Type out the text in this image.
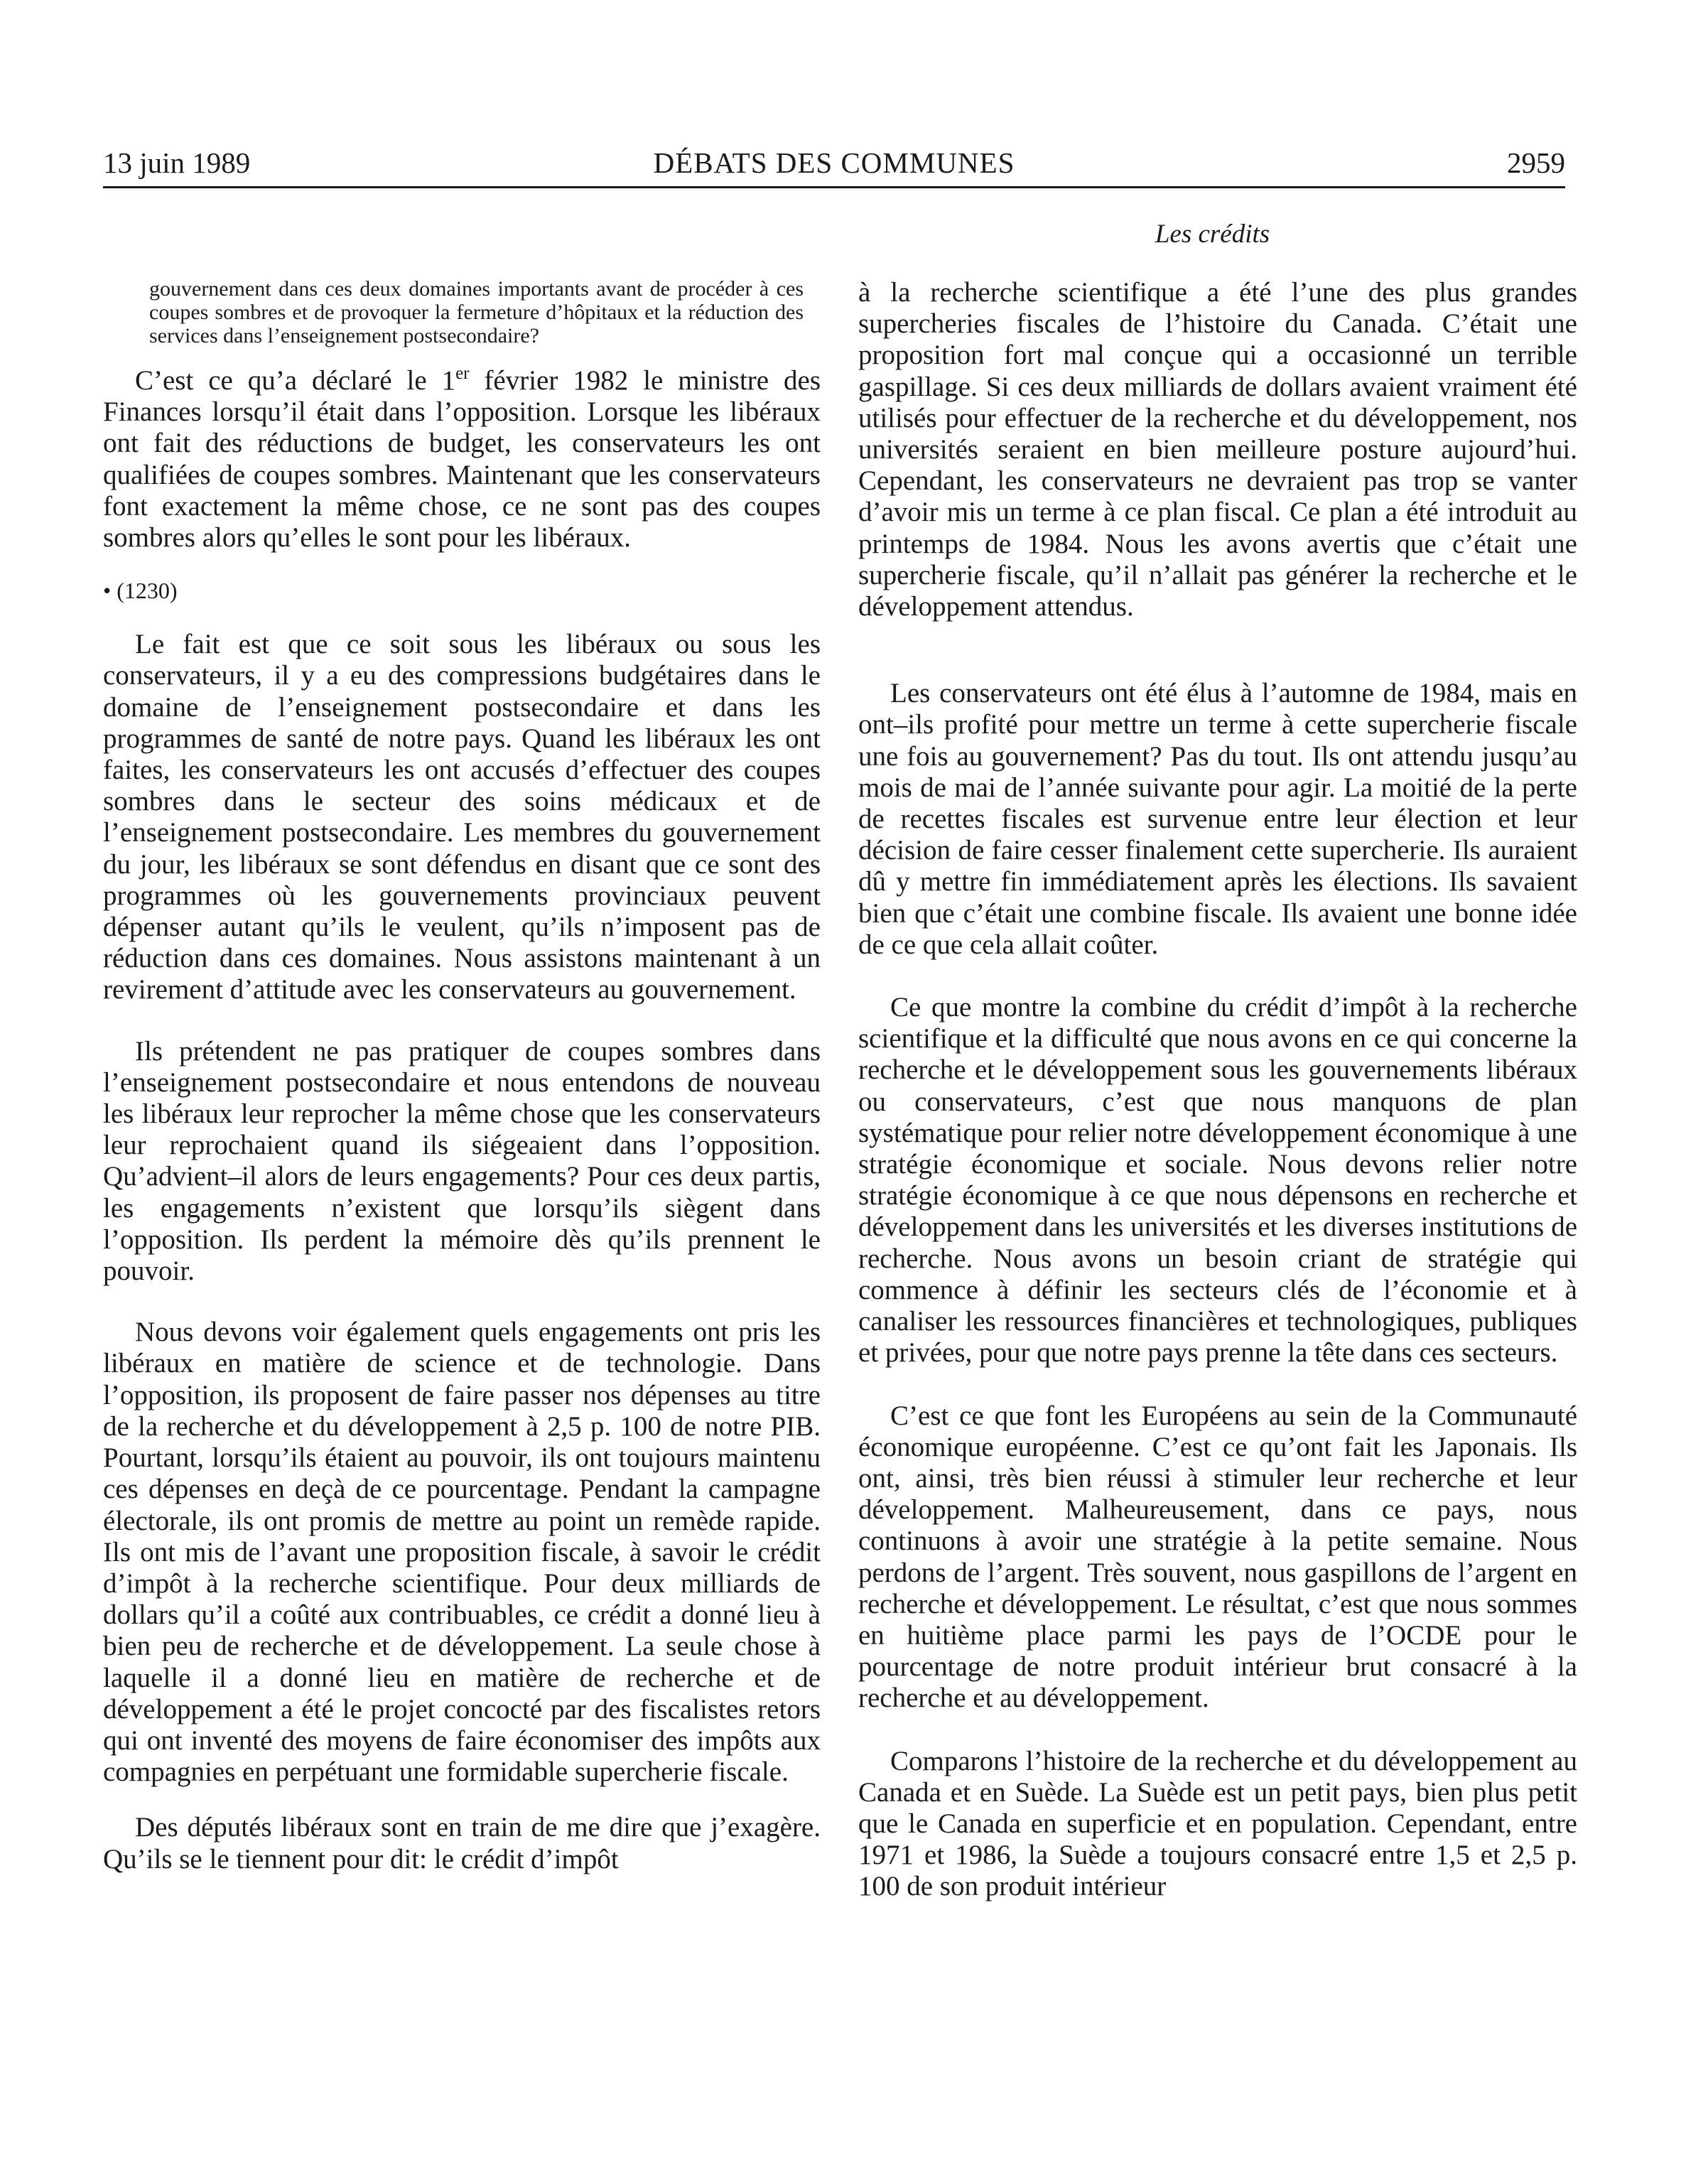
13 juin 1989	DÉBATS DES COMMUNES	2959
Les crédits

gouvernement dans ces deux domaines importants avant de procéder à ces coupes sombres et de provoquer la fermeture d’hôpitaux et la réduction des services dans l’enseignement postsecondaire?

C’est ce qu’a déclaré le 1er février 1982 le ministre des Finances lorsqu’il était dans l’opposition. Lorsque les libéraux ont fait des réductions de budget, les conservateurs les ont qualifiées de coupes sombres. Maintenant que les conservateurs font exactement la même chose, ce ne sont pas des coupes sombres alors qu’elles le sont pour les libéraux.

• (1230)

Le fait est que ce soit sous les libéraux ou sous les conservateurs, il y a eu des compressions budgétaires dans le domaine de l’enseignement postsecondaire et dans les programmes de santé de notre pays. Quand les libéraux les ont faites, les conservateurs les ont accusés d’effectuer des coupes sombres dans le secteur des soins médicaux et de l’enseignement postsecondaire. Les membres du gouvernement du jour, les libéraux se sont défendus en disant que ce sont des programmes où les gouvernements provinciaux peuvent dépenser autant qu’ils le veulent, qu’ils n’imposent pas de réduction dans ces domaines. Nous assistons maintenant à un revirement d’attitude avec les conservateurs au gouvernement.

Ils prétendent ne pas pratiquer de coupes sombres dans l’enseignement postsecondaire et nous entendons de nouveau les libéraux leur reprocher la même chose que les conservateurs leur reprochaient quand ils siégeaient dans l’opposition. Qu’advient–il alors de leurs engagements? Pour ces deux partis, les engagements n’existent que lorsqu’ils siègent dans l’opposition. Ils perdent la mémoire dès qu’ils prennent le pouvoir.

Nous devons voir également quels engagements ont pris les libéraux en matière de science et de technologie. Dans l’opposition, ils proposent de faire passer nos dépenses au titre de la recherche et du développement à 2,5 p. 100 de notre PIB. Pourtant, lorsqu’ils étaient au pouvoir, ils ont toujours maintenu ces dépenses en deçà de ce pourcentage. Pendant la campagne électorale, ils ont promis de mettre au point un remède rapide. Ils ont mis de l’avant une proposition fiscale, à savoir le crédit d’impôt à la recherche scientifique. Pour deux milliards de dollars qu’il a coûté aux contribuables, ce crédit a donné lieu à bien peu de recherche et de développement. La seule chose à laquelle il a donné lieu en matière de recherche et de développement a été le projet concocté par des fiscalistes retors qui ont inventé des moyens de faire économiser des impôts aux compagnies en perpétuant une formidable supercherie fiscale.

Des députés libéraux sont en train de me dire que j’exagère. Qu’ils se le tiennent pour dit: le crédit d’impôt

à la recherche scientifique a été l’une des plus grandes supercheries fiscales de l’histoire du Canada. C’était une proposition fort mal conçue qui a occasionné un terrible gaspillage. Si ces deux milliards de dollars avaient vraiment été utilisés pour effectuer de la recherche et du développement, nos universités seraient en bien meilleure posture aujourd’hui. Cependant, les conservateurs ne devraient pas trop se vanter d’avoir mis un terme à ce plan fiscal. Ce plan a été introduit au printemps de 1984. Nous les avons avertis que c’était une supercherie fiscale, qu’il n’allait pas générer la recherche et le développement attendus.

Les conservateurs ont été élus à l’automne de 1984, mais en ont–ils profité pour mettre un terme à cette supercherie fiscale une fois au gouvernement? Pas du tout. Ils ont attendu jusqu’au mois de mai de l’année suivante pour agir. La moitié de la perte de recettes fiscales est survenue entre leur élection et leur décision de faire cesser finalement cette supercherie. Ils auraient dû y mettre fin immédiatement après les élections. Ils savaient bien que c’était une combine fiscale. Ils avaient une bonne idée de ce que cela allait coûter.

Ce que montre la combine du crédit d’impôt à la recherche scientifique et la difficulté que nous avons en ce qui concerne la recherche et le développement sous les gouvernements libéraux ou conservateurs, c’est que nous manquons de plan systématique pour relier notre développement économique à une stratégie économique et sociale. Nous devons relier notre stratégie économique à ce que nous dépensons en recherche et développement dans les universités et les diverses institutions de recherche. Nous avons un besoin criant de stratégie qui commence à définir les secteurs clés de l’économie et à canaliser les ressources financières et technologiques, publiques et privées, pour que notre pays prenne la tête dans ces secteurs.

C’est ce que font les Européens au sein de la Communauté économique européenne. C’est ce qu’ont fait les Japonais. Ils ont, ainsi, très bien réussi à stimuler leur recherche et leur développement. Malheureusement, dans ce pays, nous continuons à avoir une stratégie à la petite semaine. Nous perdons de l’argent. Très souvent, nous gaspillons de l’argent en recherche et développement. Le résultat, c’est que nous sommes en huitième place parmi les pays de l’OCDE pour le pourcentage de notre produit intérieur brut consacré à la recherche et au développement.

Comparons l’histoire de la recherche et du développement au Canada et en Suède. La Suède est un petit pays, bien plus petit que le Canada en superficie et en population. Cependant, entre 1971 et 1986, la Suède a toujours consacré entre 1,5 et 2,5 p. 100 de son produit intérieur
